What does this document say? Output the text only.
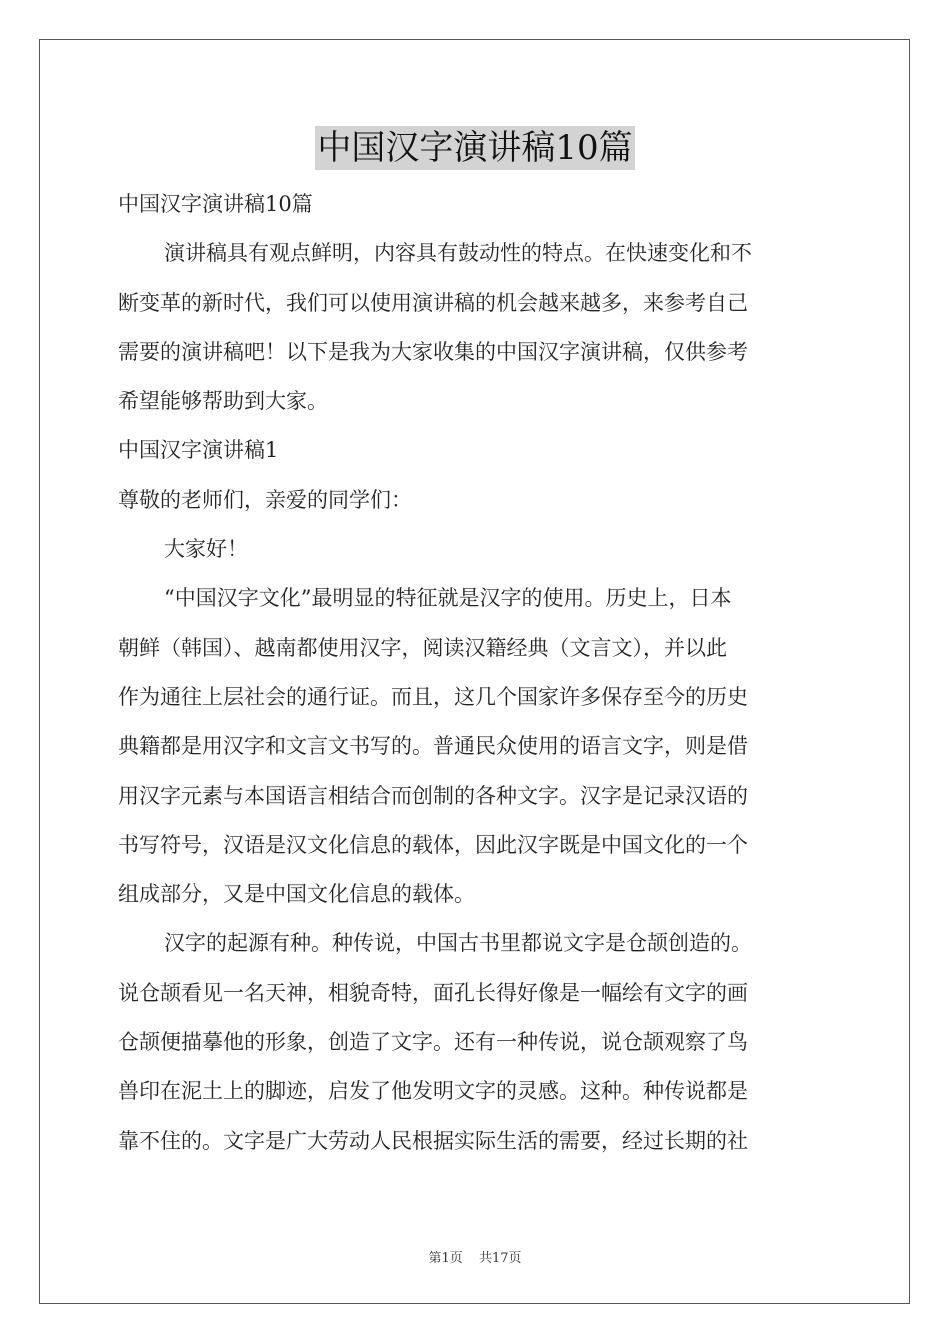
中国汉字演讲稿10篇

中国汉字演讲稿10篇

演讲稿具有观点鲜明，内容具有鼓动性的特点。在快速变化和不

断变革的新时代，我们可以使用演讲稿的机会越来越多，来参考自己

需要的演讲稿吧！以下是我为大家收集的中国汉字演讲稿，仅供参考

希望能够帮助到大家。

中国汉字演讲稿1

尊敬的老师们，亲爱的同学们：

大家好！

“中国汉字文化”最明显的特征就是汉字的使用。历史上，日本

朝鲜（韩国）、越南都使用汉字，阅读汉籍经典（文言文），并以此

作为通往上层社会的通行证。而且，这几个国家许多保存至今的历史

典籍都是用汉字和文言文书写的。普通民众使用的语言文字，则是借

用汉字元素与本国语言相结合而创制的各种文字。汉字是记录汉语的

书写符号，汉语是汉文化信息的载体，因此汉字既是中国文化的一个

组成部分，又是中国文化信息的载体。

汉字的起源有种。种传说，中国古书里都说文字是仓颉创造的。

说仓颉看见一名天神，相貌奇特，面孔长得好像是一幅绘有文字的画

仓颉便描摹他的形象，创造了文字。还有一种传说，说仓颉观察了鸟

兽印在泥土上的脚迹，启发了他发明文字的灵感。这种。种传说都是

靠不住的。文字是广大劳动人民根据实际生活的需要，经过长期的社

第1页 共17页
